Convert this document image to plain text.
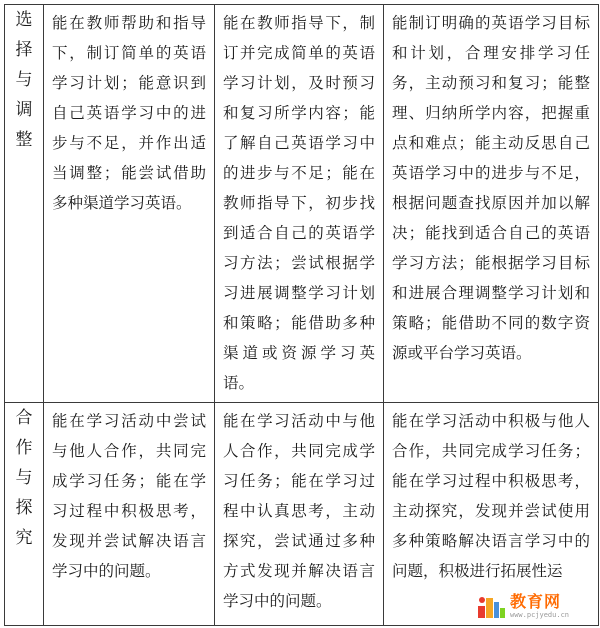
选择与调整	能在教师帮助和指导下，制订简单的英语学习计划；能意识到自己英语学习中的进步与不足，并作出适当调整；能尝试借助多种渠道学习英语。	能在教师指导下，制订并完成简单的英语学习计划，及时预习和复习所学内容；能了解自己英语学习中的进步与不足；能在教师指导下，初步找到适合自己的英语学习方法；尝试根据学习进展调整学习计划和策略；能借助多种渠道或资源学习英语。	能制订明确的英语学习目标和计划，合理安排学习任务，主动预习和复习；能整理、归纳所学内容，把握重点和难点；能主动反思自己英语学习中的进步与不足，根据问题查找原因并加以解决；能找到适合自己的英语学习方法；能根据学习目标和进展合理调整学习计划和策略；能借助不同的数字资源或平台学习英语。

合作与探究	能在学习活动中尝试与他人合作，共同完成学习任务；能在学习过程中积极思考，发现并尝试解决语言学习中的问题。	能在学习活动中与他人合作，共同完成学习任务；能在学习过程中认真思考，主动探究，尝试通过多种方式发现并解决语言学习中的问题。	能在学习活动中积极与他人合作，共同完成学习任务；能在学习过程中积极思考，主动探究，发现并尝试使用多种策略解决语言学习中的问题，积极进行拓展性运
教育网
www.pcjyedu.cn
